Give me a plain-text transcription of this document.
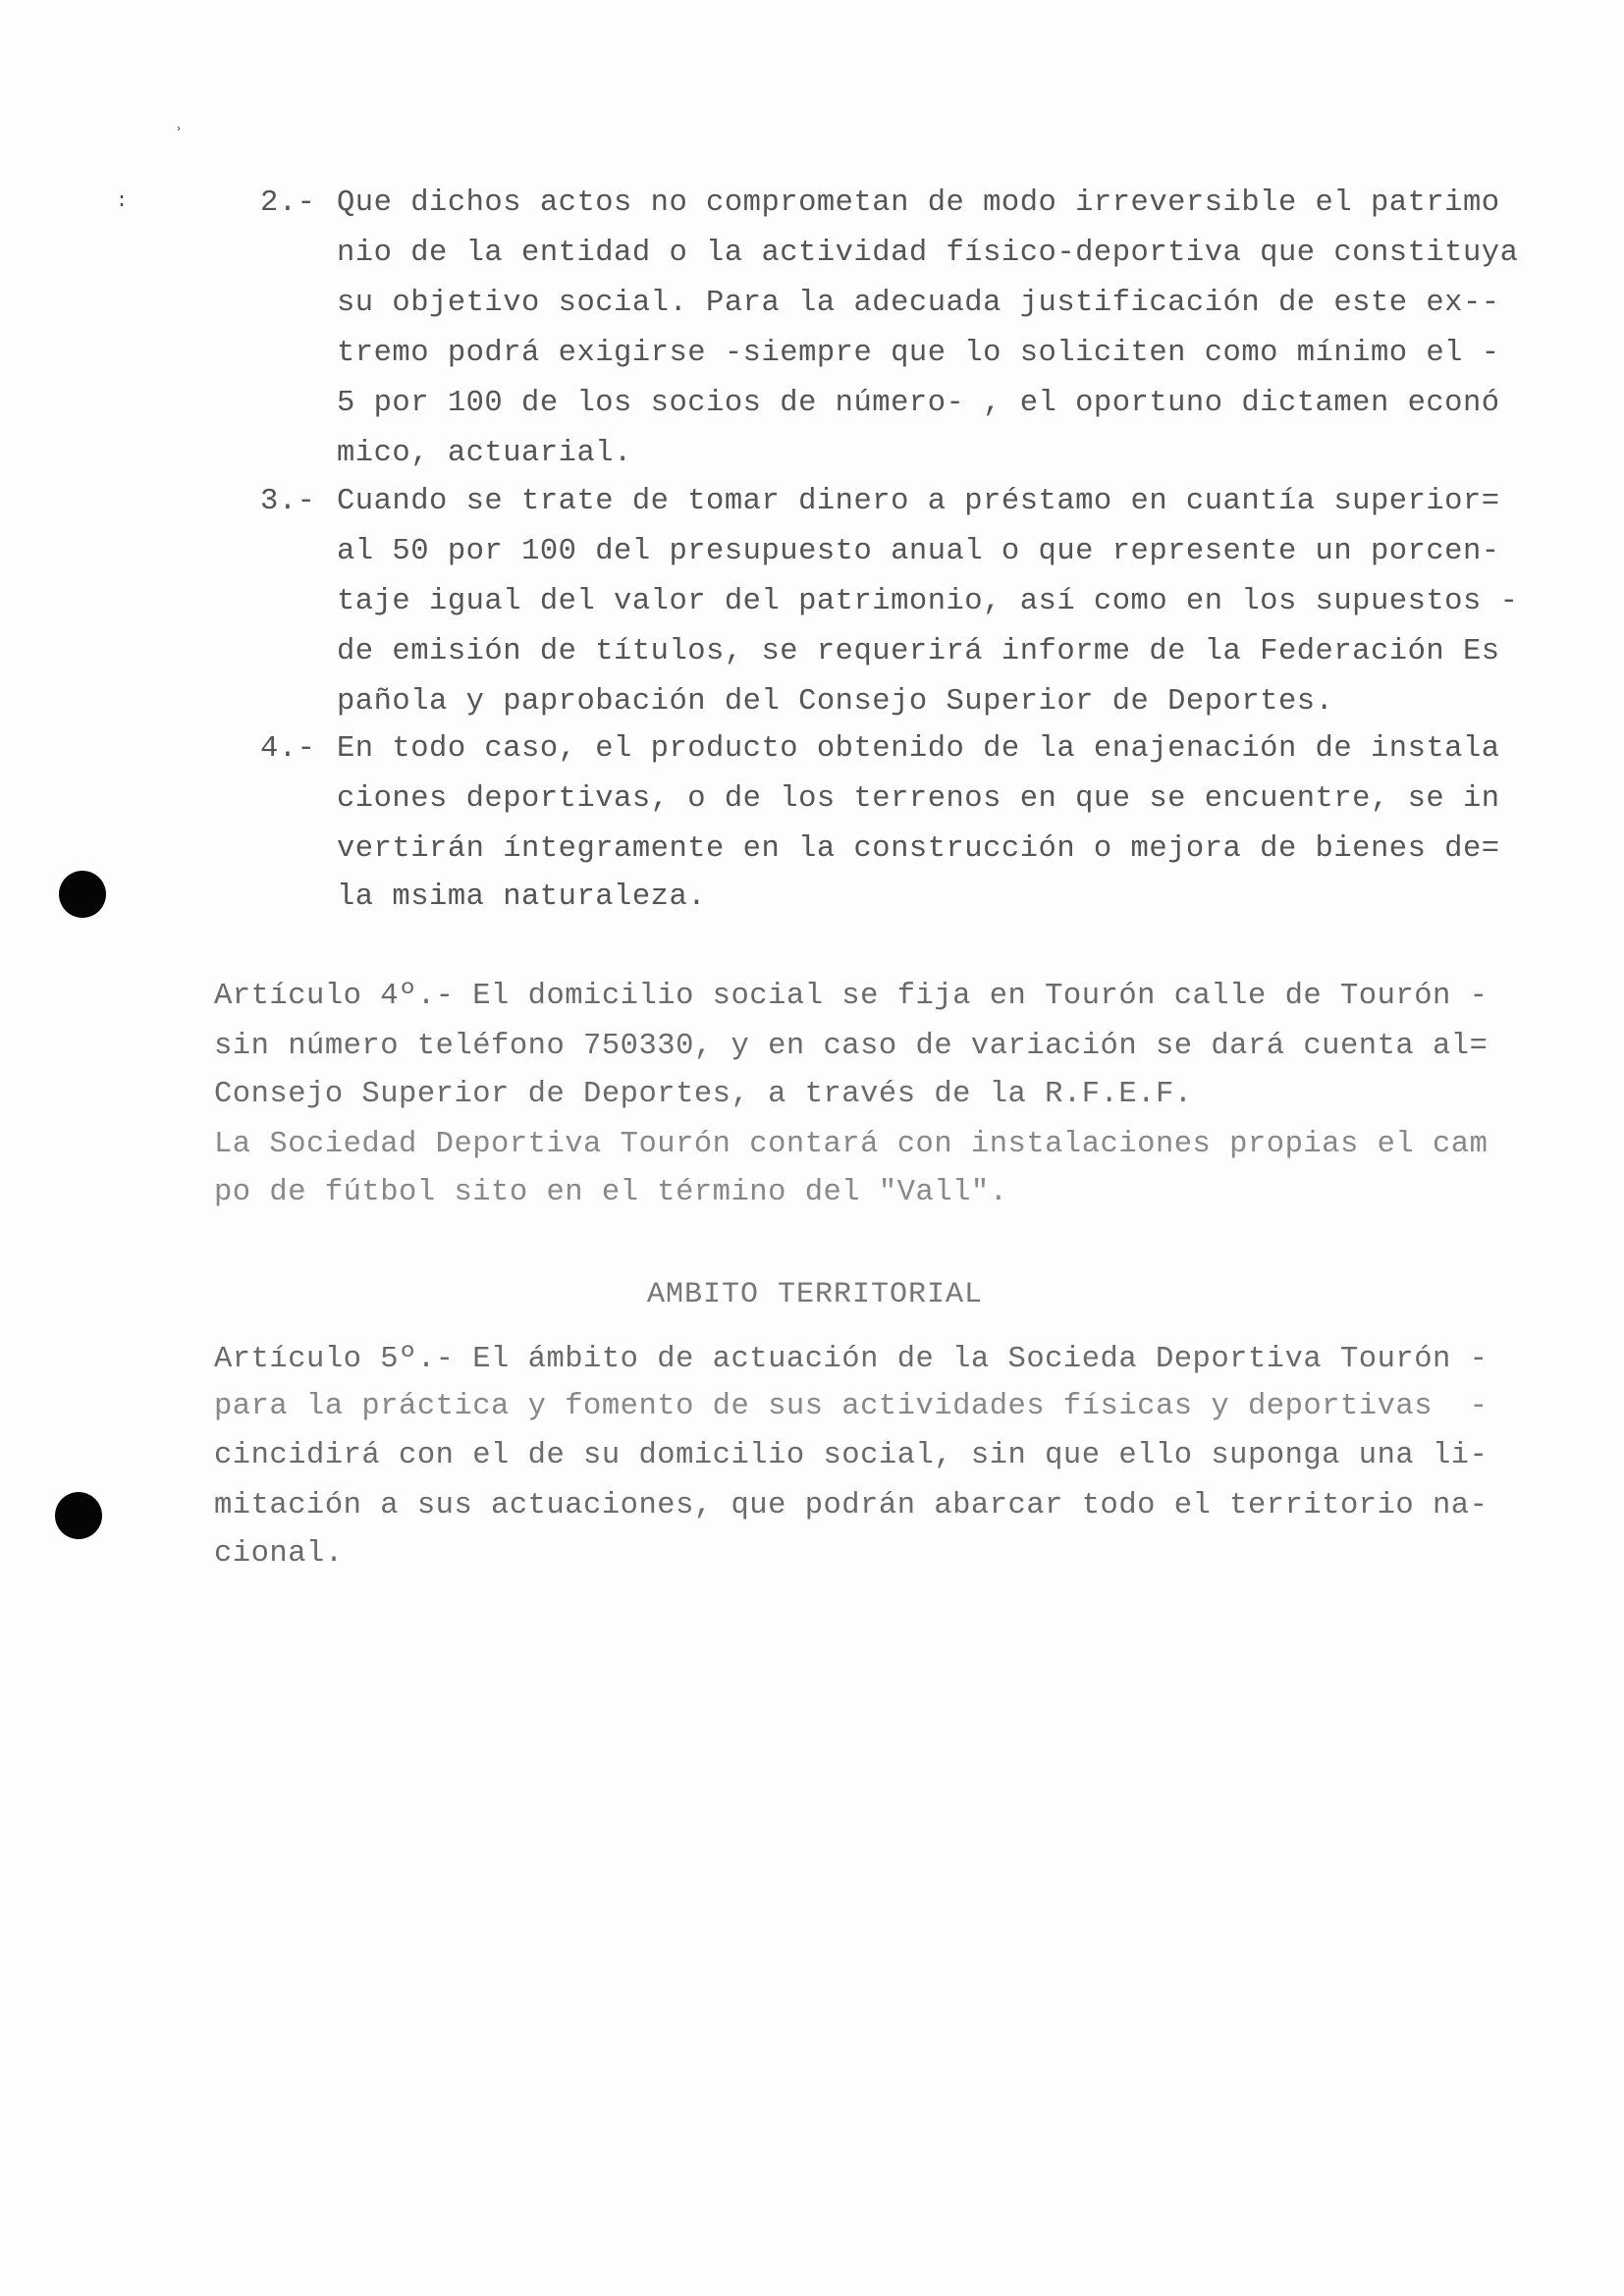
˒
:	2.- Que dichos actos no comprometan de modo irreversible el patrimo
nio de la entidad o la actividad físico-deportiva que constituya
su objetivo social. Para la adecuada justificación de este ex--
tremo podrá exigirse -siempre que lo soliciten como mínimo el -
5 por 100 de los socios de número- , el oportuno dictamen econó
mico, actuarial.
3.- Cuando se trate de tomar dinero a préstamo en cuantía superior=
al 50 por 100 del presupuesto anual o que represente un porcen-
taje igual del valor del patrimonio, así como en los supuestos -
de emisión de títulos, se requerirá informe de la Federación Es
pañola y paprobación del Consejo Superior de Deportes.
4.- En todo caso, el producto obtenido de la enajenación de instala
ciones deportivas, o de los terrenos en que se encuentre, se in
vertirán íntegramente en la construcción o mejora de bienes de=
la msima naturaleza.
Artículo 4º.- El domicilio social se fija en Tourón calle de Tourón -
sin número teléfono 750330, y en caso de variación se dará cuenta al=
Consejo Superior de Deportes, a través de la R.F.E.F.
La Sociedad Deportiva Tourón contará con instalaciones propias el cam
po de fútbol sito en el término del "Vall".
AMBITO TERRITORIAL
Artículo 5º.- El ámbito de actuación de la Socieda Deportiva Tourón -
para la práctica y fomento de sus actividades físicas y deportivas  -
cincidirá con el de su domicilio social, sin que ello suponga una li-
mitación a sus actuaciones, que podrán abarcar todo el territorio na-
cional.
